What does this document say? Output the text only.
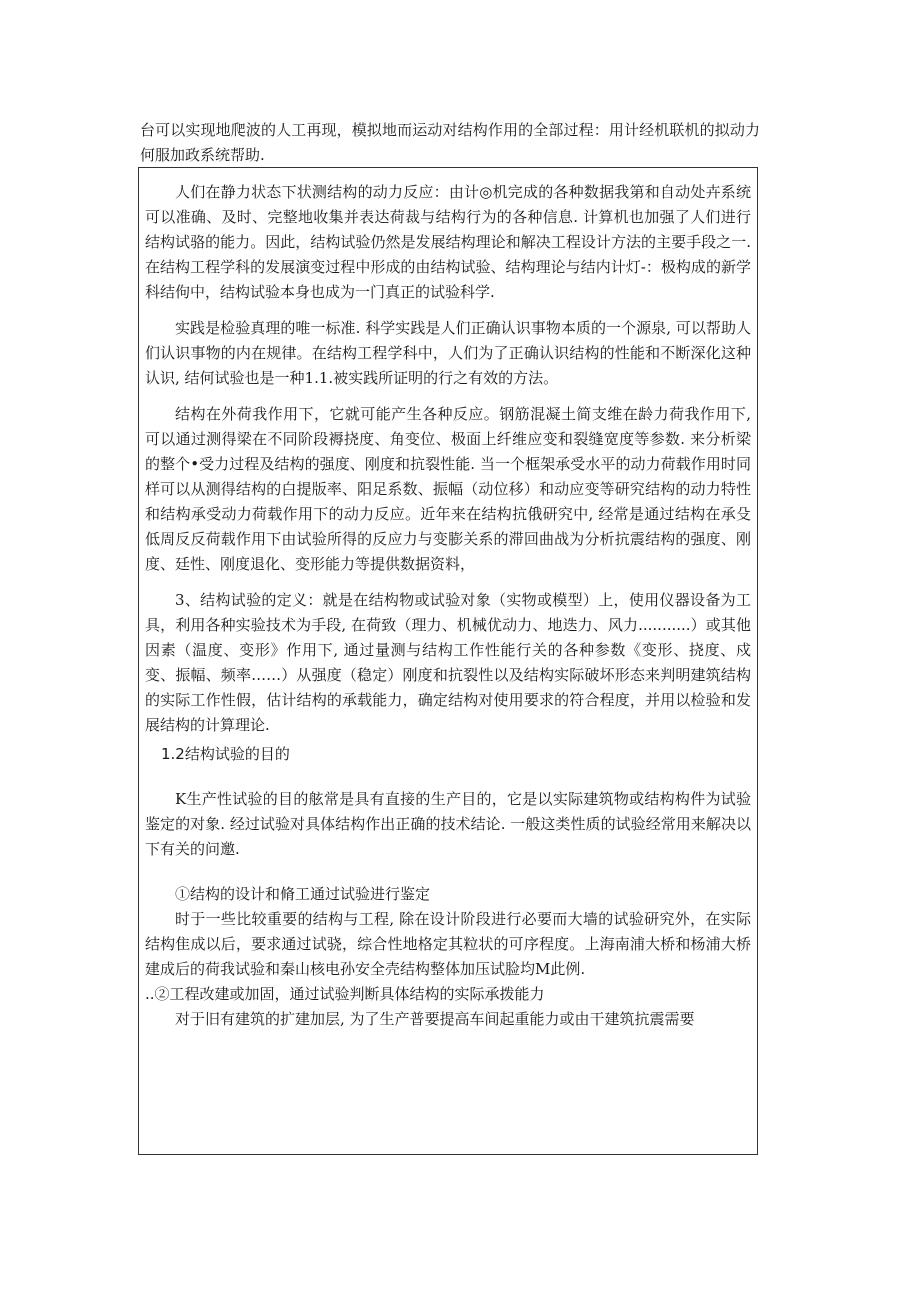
台可以实现地爬波的人工再现，模拟地而运动对结构作用的全部过程：用计经机联机的拟动力何服加政系统帮助.

人们在静力状态下状测结构的动力反应：由计◎机完成的各种数据我第和自动处卉系统可以准确、及时、完整地收集并表达荷裁与结构行为的各种信息. 计算机也加强了人们进行结构试骆的能力。因此，结构试验仍然是发展结构理论和解决工程设计方法的主要手段之一. 在结构工程学科的发展演变过程中形成的由结构试验、结构理论与结内计灯-：极构成的新学科结佝中，结构试验本身也成为一门真正的试验科学.

实践是检验真理的唯一标准. 科学实践是人们正确认识事物本质的一个源泉, 可以帮助人们认识事物的内在规律。在结构工程学科中，人们为了正确认识结构的性能和不断深化这种认识, 结何试验也是一种1.1.被实践所证明的行之有效的方法。

结构在外荷我作用下，它就可能产生各种反应。钢筋混凝土简支维在龄力荷我作用下, 可以通过测得梁在不同阶段褥挠度、角变位、极面上纤维应变和裂缝宽度等参数. 来分析梁的整个•受力过程及结构的强度、刚度和抗裂性能. 当一个框架承受水平的动力荷载作用时同样可以从测得结构的白提版率、阳足系数、振幅（动位移）和动应变等研究结构的动力特性和结构承受动力荷载作用下的动力反应。近年来在结构抗俄研究中, 经常是通过结构在承殳低周反反荷载作用下由试验所得的反应力与变膨关系的滞回曲战为分析抗震结构的强度、刚度、廷性、刚度退化、变形能力等提供数据资料，

3、结构试验的定义：就是在结构物或试验对象（实物或模型）上，使用仪器设备为工具，利用各种实验技术为手段, 在荷致（理力、机械优动力、地迭力、风力...........）或其他因素（温度、变形》作用下, 通过量测与结构工作性能行关的各种参数《变形、挠度、戍变、振幅、频率……）从强度（稳定）刚度和抗裂性以及结构实际破坏形态来判明建筑结构的实际工作性假，估计结构的承载能力，确定结构对使用要求的符合程度，并用以检验和发展结构的计算理论.

1.2结构试验的目的

K生产性试验的目的舷常是具有直接的生产目的，它是以实际建筑物或结构构件为试验鉴定的对象. 经过试验对具体结构作出正确的技术结论. 一般这类性质的试验经常用来解决以下有关的问邀.

①结构的设计和脩工通过试验进行鉴定

时于一些比较重要的结构与工程, 除在设计阶段进行必要而大墙的试验研究外，在实际结构隹成以后，要求通过试骁，综合性地格定其粒状的可序程度。上海南浦大桥和杨浦大桥建成后的荷我试验和秦山核电孙安全壳结构整体加压试脸均M此例.

..②工程改建或加固，通过试验判断具体结构的实际承拨能力

对于旧有建筑的扩建加层, 为了生产普要提高车间起重能力或由干建筑抗震需要
